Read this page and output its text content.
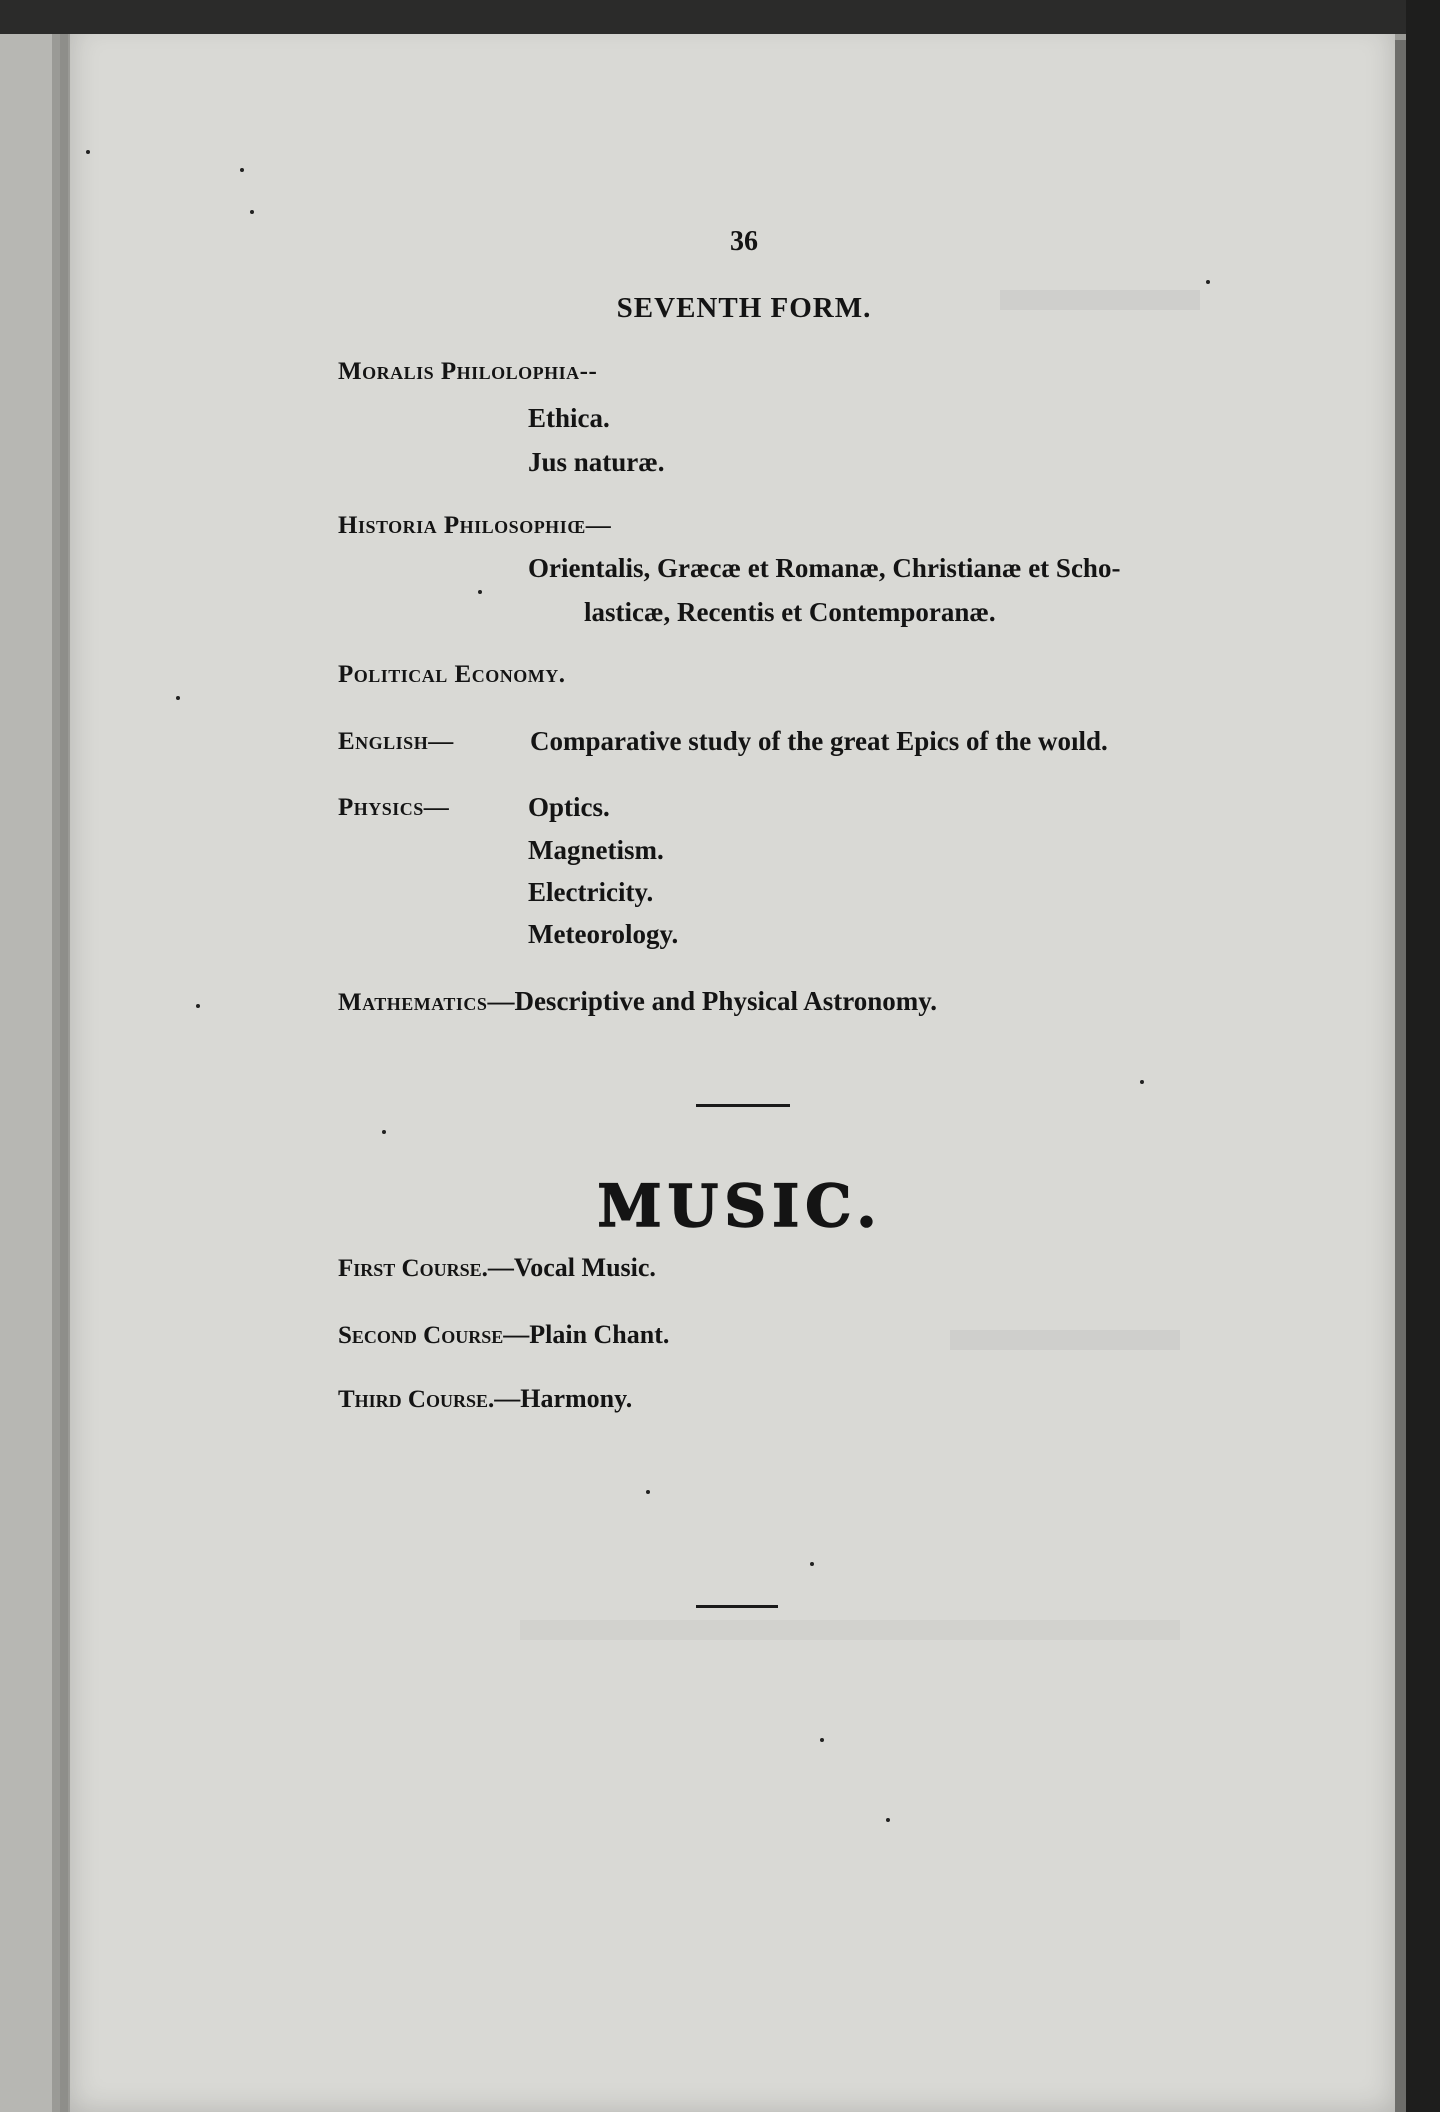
36
SEVENTH FORM.
Moralis Philolophia--
Ethica.
Jus naturæ.
Historia Philosophiœ—
Orientalis, Græcæ et Romanæ, Christianæ et Scho-
lasticæ, Recentis et Contemporanæ.
Political Economy.
English—	Comparative study of the great Epics of the woıld.
Physics—	Optics.
Magnetism.
Electricity.
Meteorology.
Mathematics—Descriptive and Physical Astronomy.
MUSIC.
First Course.—Vocal Music.
Second Course—Plain Chant.
Third Course.—Harmony.
